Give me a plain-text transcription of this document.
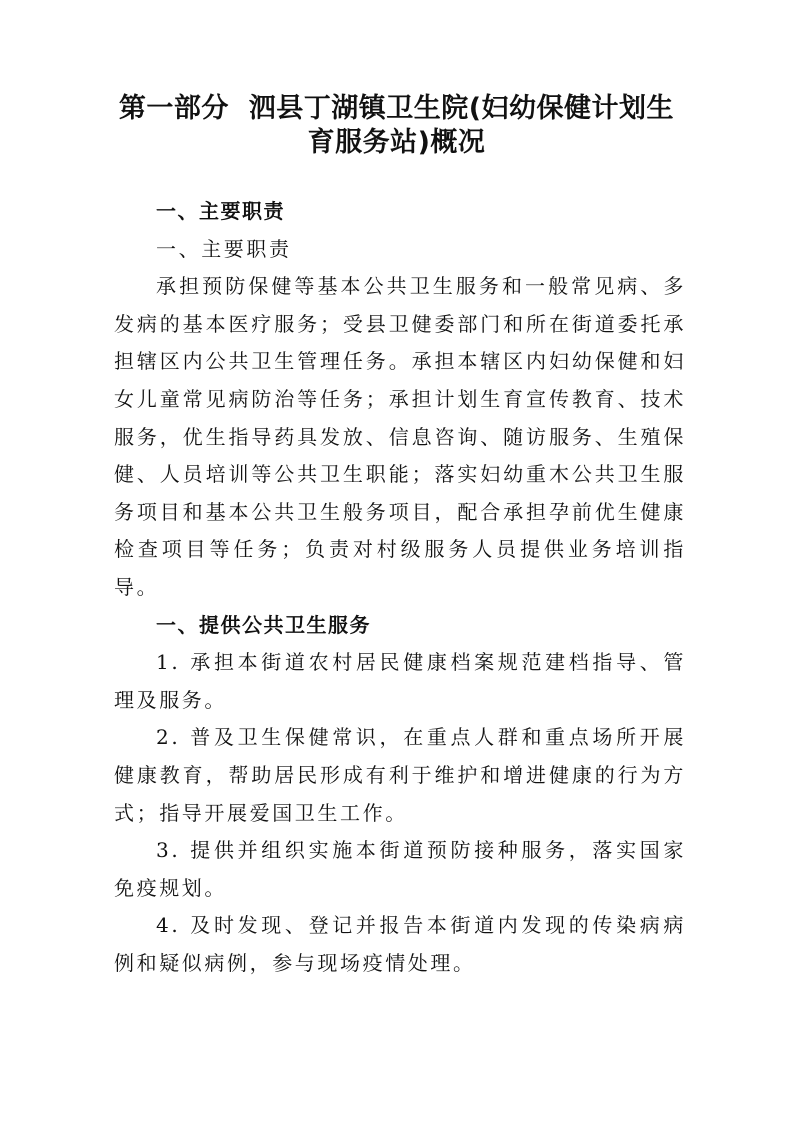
第一部分  泗县丁湖镇卫生院(妇幼保健计划生
育服务站)概况

一、主要职责

一、主要职责

承担预防保健等基本公共卫生服务和一般常见病、多发病的基本医疗服务；受县卫健委部门和所在街道委托承担辖区内公共卫生管理任务。承担本辖区内妇幼保健和妇女儿童常见病防治等任务；承担计划生育宣传教育、技术服务，优生指导药具发放、信息咨询、随访服务、生殖保健、人员培训等公共卫生职能；落实妇幼重木公共卫生服务项目和基本公共卫生般务项目，配合承担孕前优生健康检查项目等任务；负责对村级服务人员提供业务培训指导。

一、提供公共卫生服务

1. 承担本街道农村居民健康档案规范建档指导、管理及服务。

2. 普及卫生保健常识，在重点人群和重点场所开展健康教育，帮助居民形成有利于维护和增进健康的行为方式；指导开展爱国卫生工作。

3. 提供并组织实施本街道预防接种服务，落实国家免疫规划。

4. 及时发现、登记并报告本街道内发现的传染病病例和疑似病例，参与现场疫情处理。
